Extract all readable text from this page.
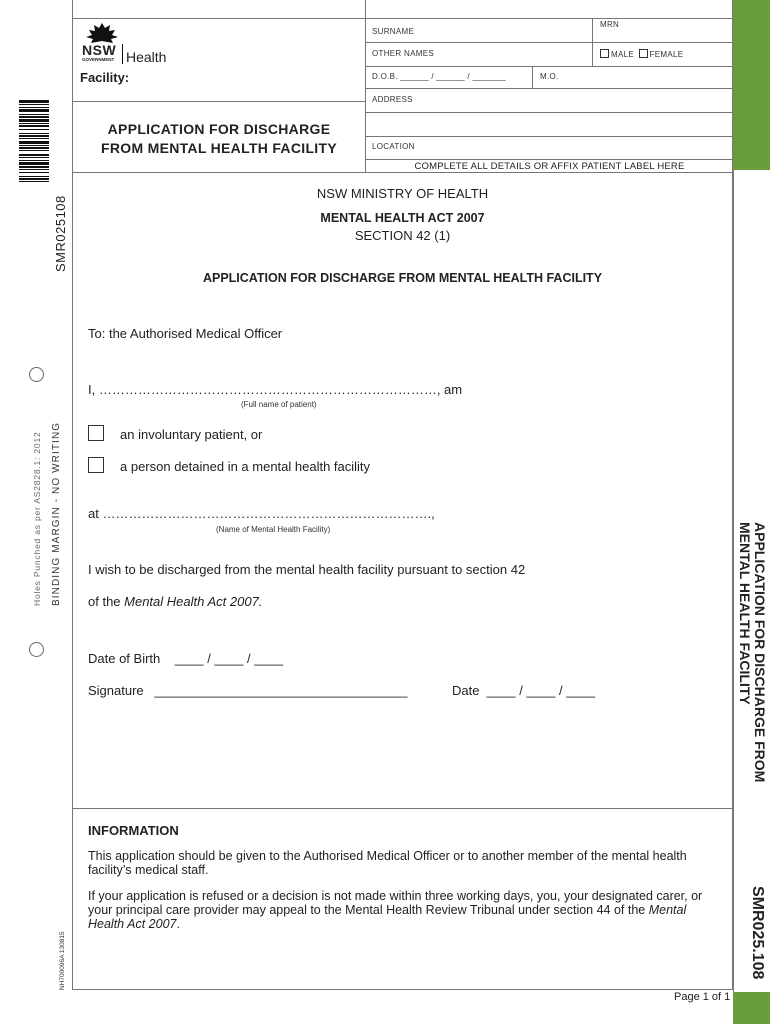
APPLICATION FOR DISCHARGE FROM
MENTAL HEALTH FACILITY
SMR025.108
SMR025108
Holes Punched as per AS2828.1: 2012 BINDING MARGIN - NO WRITING
NH700096A 130815
NSW
GOVERNMENT Health
Facility:
APPLICATION FOR DISCHARGE
FROM MENTAL HEALTH FACILITY
MRN
SURNAME
OTHER NAMES	MALE FEMALE
D.O.B. ______ / ______ / _______	M.O.
ADDRESS
LOCATION
COMPLETE ALL DETAILS OR AFFIX PATIENT LABEL HERE
NSW MINISTRY OF HEALTH
MENTAL HEALTH ACT 2007
SECTION 42 (1)
APPLICATION FOR DISCHARGE FROM MENTAL HEALTH FACILITY
To: the Authorised Medical Officer
I, ……………………………………………………………………, am
(Full name of patient)
an involuntary patient, or
a person detained in a mental health facility
at ………………………………………………………………….,
(Name of Mental Health Facility)
I wish to be discharged from the mental health facility pursuant to section 42
of the Mental Health Act 2007.
Date of Birth    ____ / ____ / ____
Signature   ___________________________________	Date  ____ / ____ / ____
INFORMATION
This application should be given to the Authorised Medical Officer or to another member of the mental health facility’s medical staff.
If your application is refused or a decision is not made within three working days, you, your designated carer, or your principal care provider may appeal to the Mental Health Review Tribunal under section 44 of the Mental Health Act 2007.
Page 1 of 1
